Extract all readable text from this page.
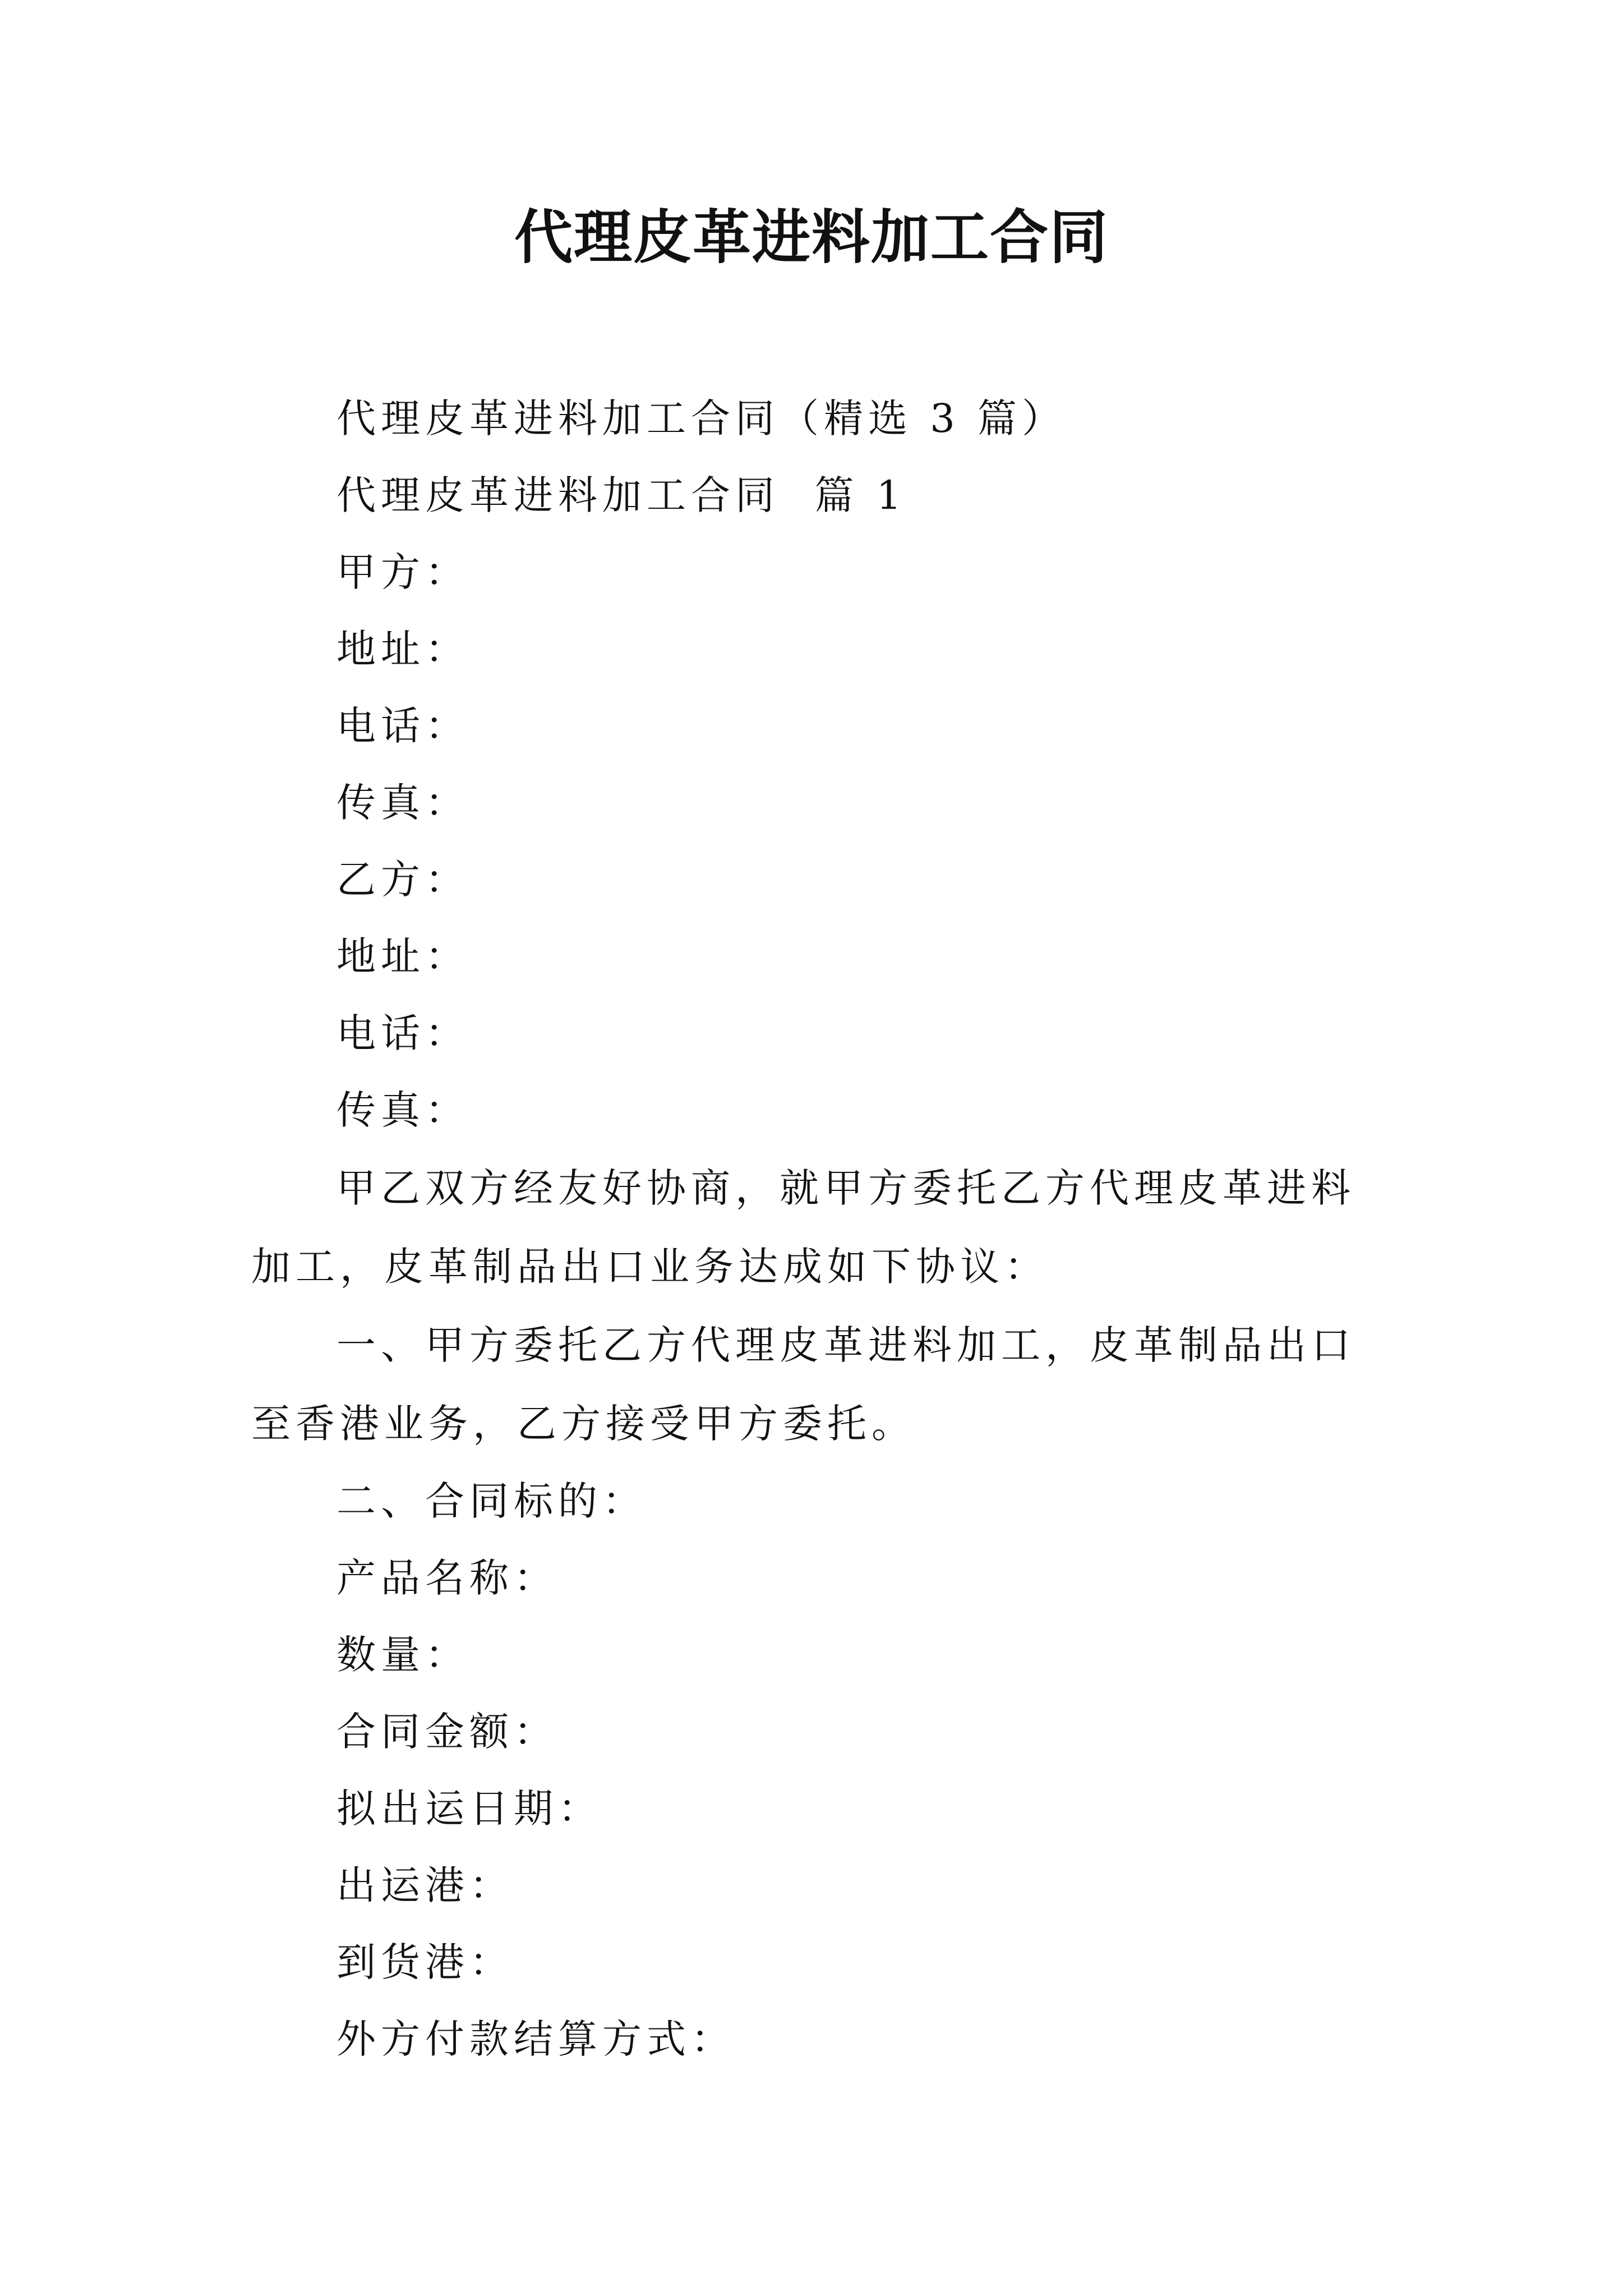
代理皮革进料加工合同

代理皮革进料加工合同（精选 3 篇）

代理皮革进料加工合同  篇 1

甲方：

地址：

电话：

传真：

乙方：

地址：

电话：

传真：

甲乙双方经友好协商，就甲方委托乙方代理皮革进料加工，皮革制品出口业务达成如下协议：

一、甲方委托乙方代理皮革进料加工，皮革制品出口至香港业务，乙方接受甲方委托。

二、合同标的：

产品名称：

数量：

合同金额：

拟出运日期：

出运港：

到货港：

外方付款结算方式：
